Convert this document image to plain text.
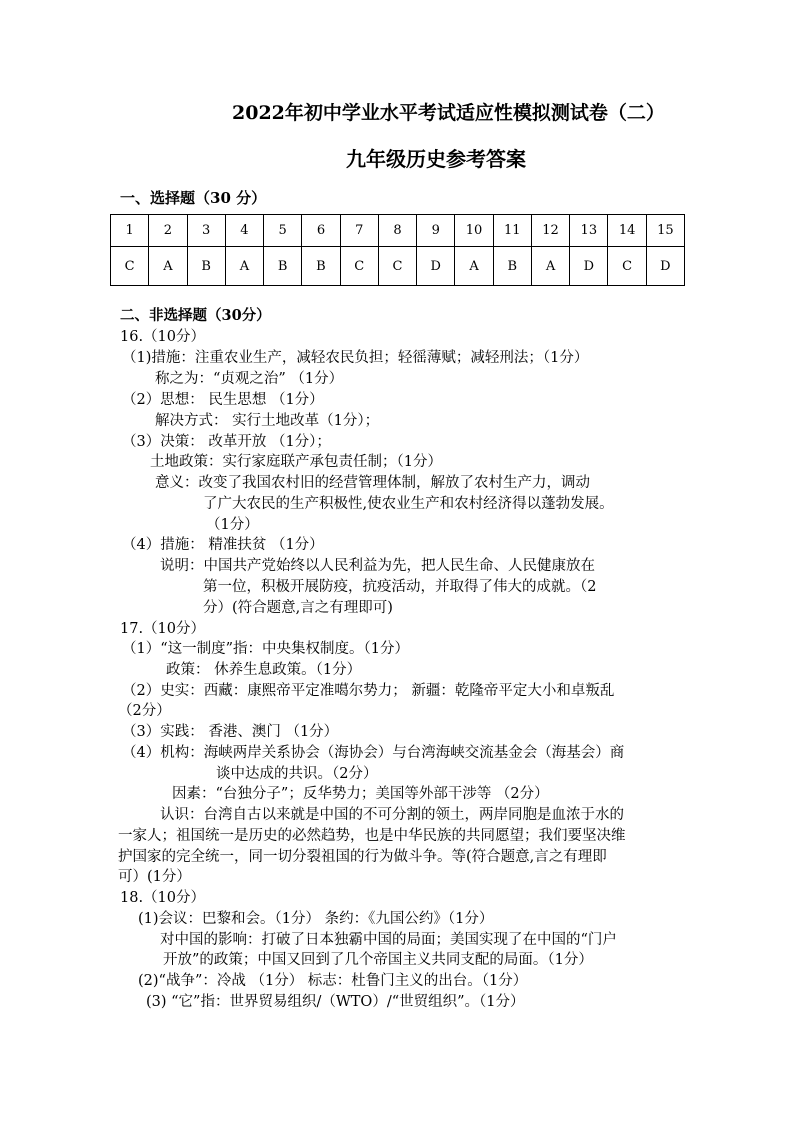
2022年初中学业水平考试适应性模拟测试卷（二）
九年级历史参考答案
一、选择题（30 分）
1	2	3	4	5	6	7	8	9	10	11	12	13	14	15
C	A	B	A	B	B	C	C	D	A	B	A	D	C	D
二、非选择题（30分）
16.（10分）
（1)措施：注重农业生产，减轻农民负担；轻徭薄赋；减轻刑法；（1分）
称之为：“贞观之治” （1分）
（2）思想： 民生思想 （1分）
解决方式： 实行土地改革（1分）；
（3）决策： 改革开放 （1分）；
土地政策：实行家庭联产承包责任制；（1分）
意义：改变了我国农村旧的经营管理体制，解放了农村生产力，调动
了广大农民的生产积极性,使农业生产和农村经济得以蓬勃发展。
（1分）
（4）措施： 精准扶贫 （1分）
说明：中国共产党始终以人民利益为先，把人民生命、人民健康放在
第一位，积极开展防疫，抗疫活动，并取得了伟大的成就。（2
分）(符合题意,言之有理即可)
17.（10分）
（1）“这一制度”指：中央集权制度。（1分）
政策： 休养生息政策。（1分）
（2）史实：西藏：康熙帝平定准噶尔势力； 新疆：乾隆帝平定大小和卓叛乱
（2分）
（3）实践： 香港、澳门 （1分）
（4）机构：海峡两岸关系协会（海协会）与台湾海峡交流基金会（海基会）商
谈中达成的共识。（2分）
因素：“台独分子”；反华势力；美国等外部干涉等 （2分）
认识：台湾自古以来就是中国的不可分割的领土，两岸同胞是血浓于水的
一家人；祖国统一是历史的必然趋势，也是中华民族的共同愿望；我们要坚决维
护国家的完全统一，同一切分裂祖国的行为做斗争。等(符合题意,言之有理即
可）(1分）
18.（10分）
(1)会议：巴黎和会。（1分） 条约：《九国公约》（1分）
对中国的影响：打破了日本独霸中国的局面；美国实现了在中国的“门户
开放”的政策；中国又回到了几个帝国主义共同支配的局面。（1分）
(2)“战争”：冷战 （1分） 标志：杜鲁门主义的出台。（1分）
(3) “它”指：世界贸易组织/（WTO）/“世贸组织”。（1分）
